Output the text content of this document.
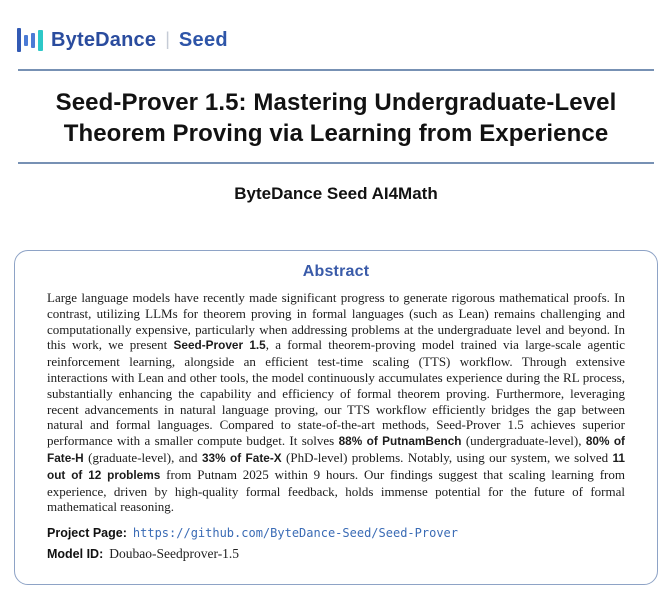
ByteDance | Seed
Seed-Prover 1.5: Mastering Undergraduate-Level
Theorem Proving via Learning from Experience
ByteDance Seed AI4Math
Abstract

Large language models have recently made significant progress to generate rigorous mathematical proofs. In contrast, utilizing LLMs for theorem proving in formal languages (such as Lean) remains challenging and computationally expensive, particularly when addressing problems at the undergraduate level and beyond. In this work, we present Seed-Prover 1.5, a formal theorem-proving model trained via large-scale agentic reinforcement learning, alongside an efficient test-time scaling (TTS) workflow. Through extensive interactions with Lean and other tools, the model continuously accumulates experience during the RL process, substantially enhancing the capability and efficiency of formal theorem proving. Furthermore, leveraging recent advancements in natural language proving, our TTS workflow efficiently bridges the gap between natural and formal languages. Compared to state-of-the-art methods, Seed-Prover 1.5 achieves superior performance with a smaller compute budget. It solves 88% of PutnamBench (undergraduate-level), 80% of Fate-H (graduate-level), and 33% of Fate-X (PhD-level) problems. Notably, using our system, we solved 11 out of 12 problems from Putnam 2025 within 9 hours. Our findings suggest that scaling learning from experience, driven by high-quality formal feedback, holds immense potential for the future of formal mathematical reasoning.

Project Page: https://github.com/ByteDance-Seed/Seed-Prover
Model ID: Doubao-Seedprover-1.5
